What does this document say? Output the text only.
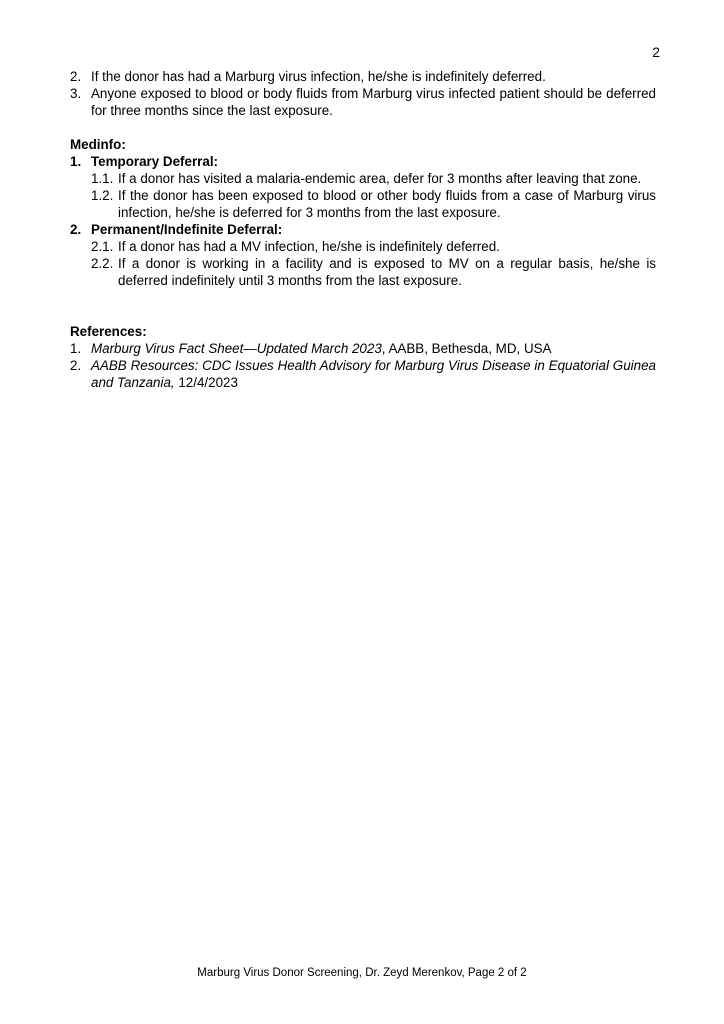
2
2. If the donor has had a Marburg virus infection, he/she is indefinitely deferred.
3. Anyone exposed to blood or body fluids from Marburg virus infected patient should be deferred for three months since the last exposure.
Medinfo:
1. Temporary Deferral:
1.1. If a donor has visited a malaria-endemic area, defer for 3 months after leaving that zone.
1.2. If the donor has been exposed to blood or other body fluids from a case of Marburg virus infection, he/she is deferred for 3 months from the last exposure.
2. Permanent/Indefinite Deferral:
2.1. If a donor has had a MV infection, he/she is indefinitely deferred.
2.2. If a donor is working in a facility and is exposed to MV on a regular basis, he/she is deferred indefinitely until 3 months from the last exposure.
References:
1. Marburg Virus Fact Sheet—Updated March 2023, AABB, Bethesda, MD, USA
2. AABB Resources: CDC Issues Health Advisory for Marburg Virus Disease in Equatorial Guinea and Tanzania, 12/4/2023
Marburg Virus Donor Screening, Dr. Zeyd Merenkov, Page 2 of 2
